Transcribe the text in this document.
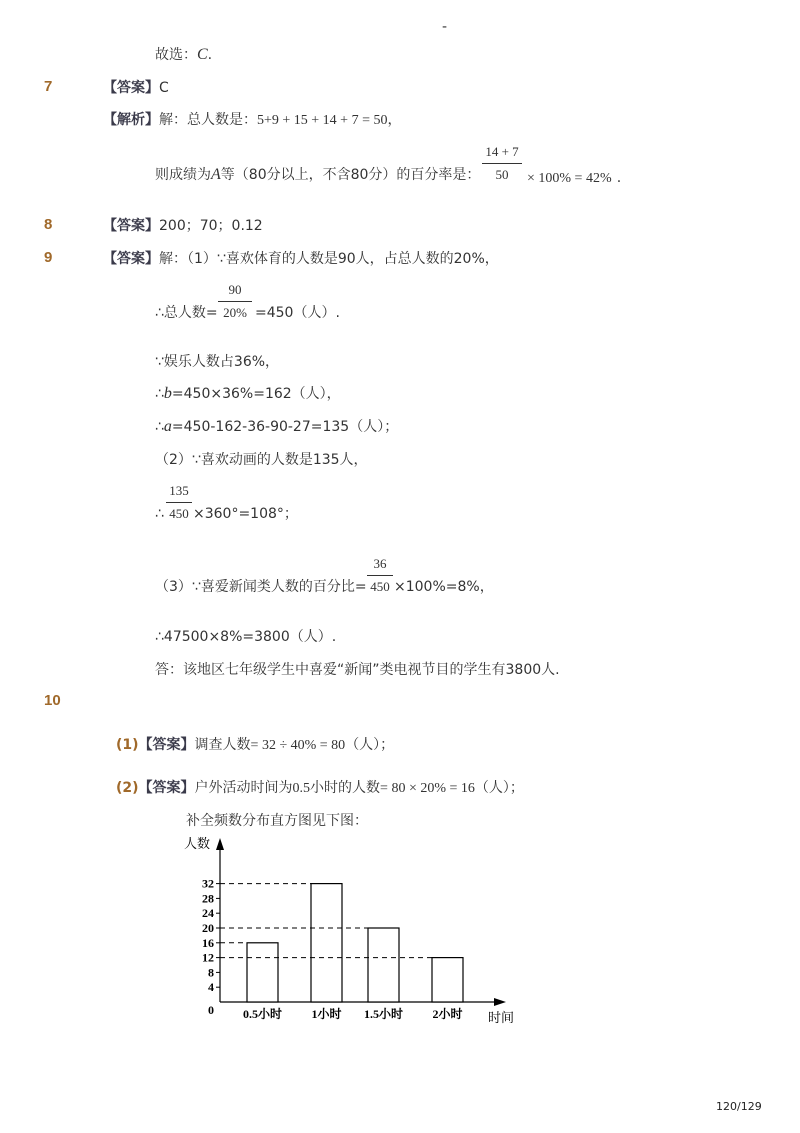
-
故选：C.
7	【答案】C
【解析】解：总人数是：5+9 + 15 + 14 + 7 = 50，
则成绩为A等（80分以上，不含80分）的百分率是：
14 + 7
50	× 100% = 42% .
8	【答案】200；70；0.12
9	【答案】解：（1）∵喜欢体育的人数是90人，占总人数的20%，
∴总人数=
90
20% =450（人）.
∵娱乐人数占36%，
∴b=450×36%=162（人），
∴a=450-162-36-90-27=135（人）；
（2）∵喜欢动画的人数是135人，
∴
135
450 ×360°=108°；
（3）∵喜爱新闻类人数的百分比=
36
450 ×100%=8%，
∴47500×8%=3800（人）.
答：该地区七年级学生中喜爱“新闻”类电视节目的学生有3800人.
10
(1)【答案】调查人数= 32 ÷ 40% = 80（人）；
(2)【答案】户外活动时间为0.5小时的人数= 80 × 20% = 16（人）；
补全频数分布直方图见下图：
人数
时间
0
4
8
12
16
20
24
28
32
0.5小时 1小时 1.5小时 2小时
120/129
